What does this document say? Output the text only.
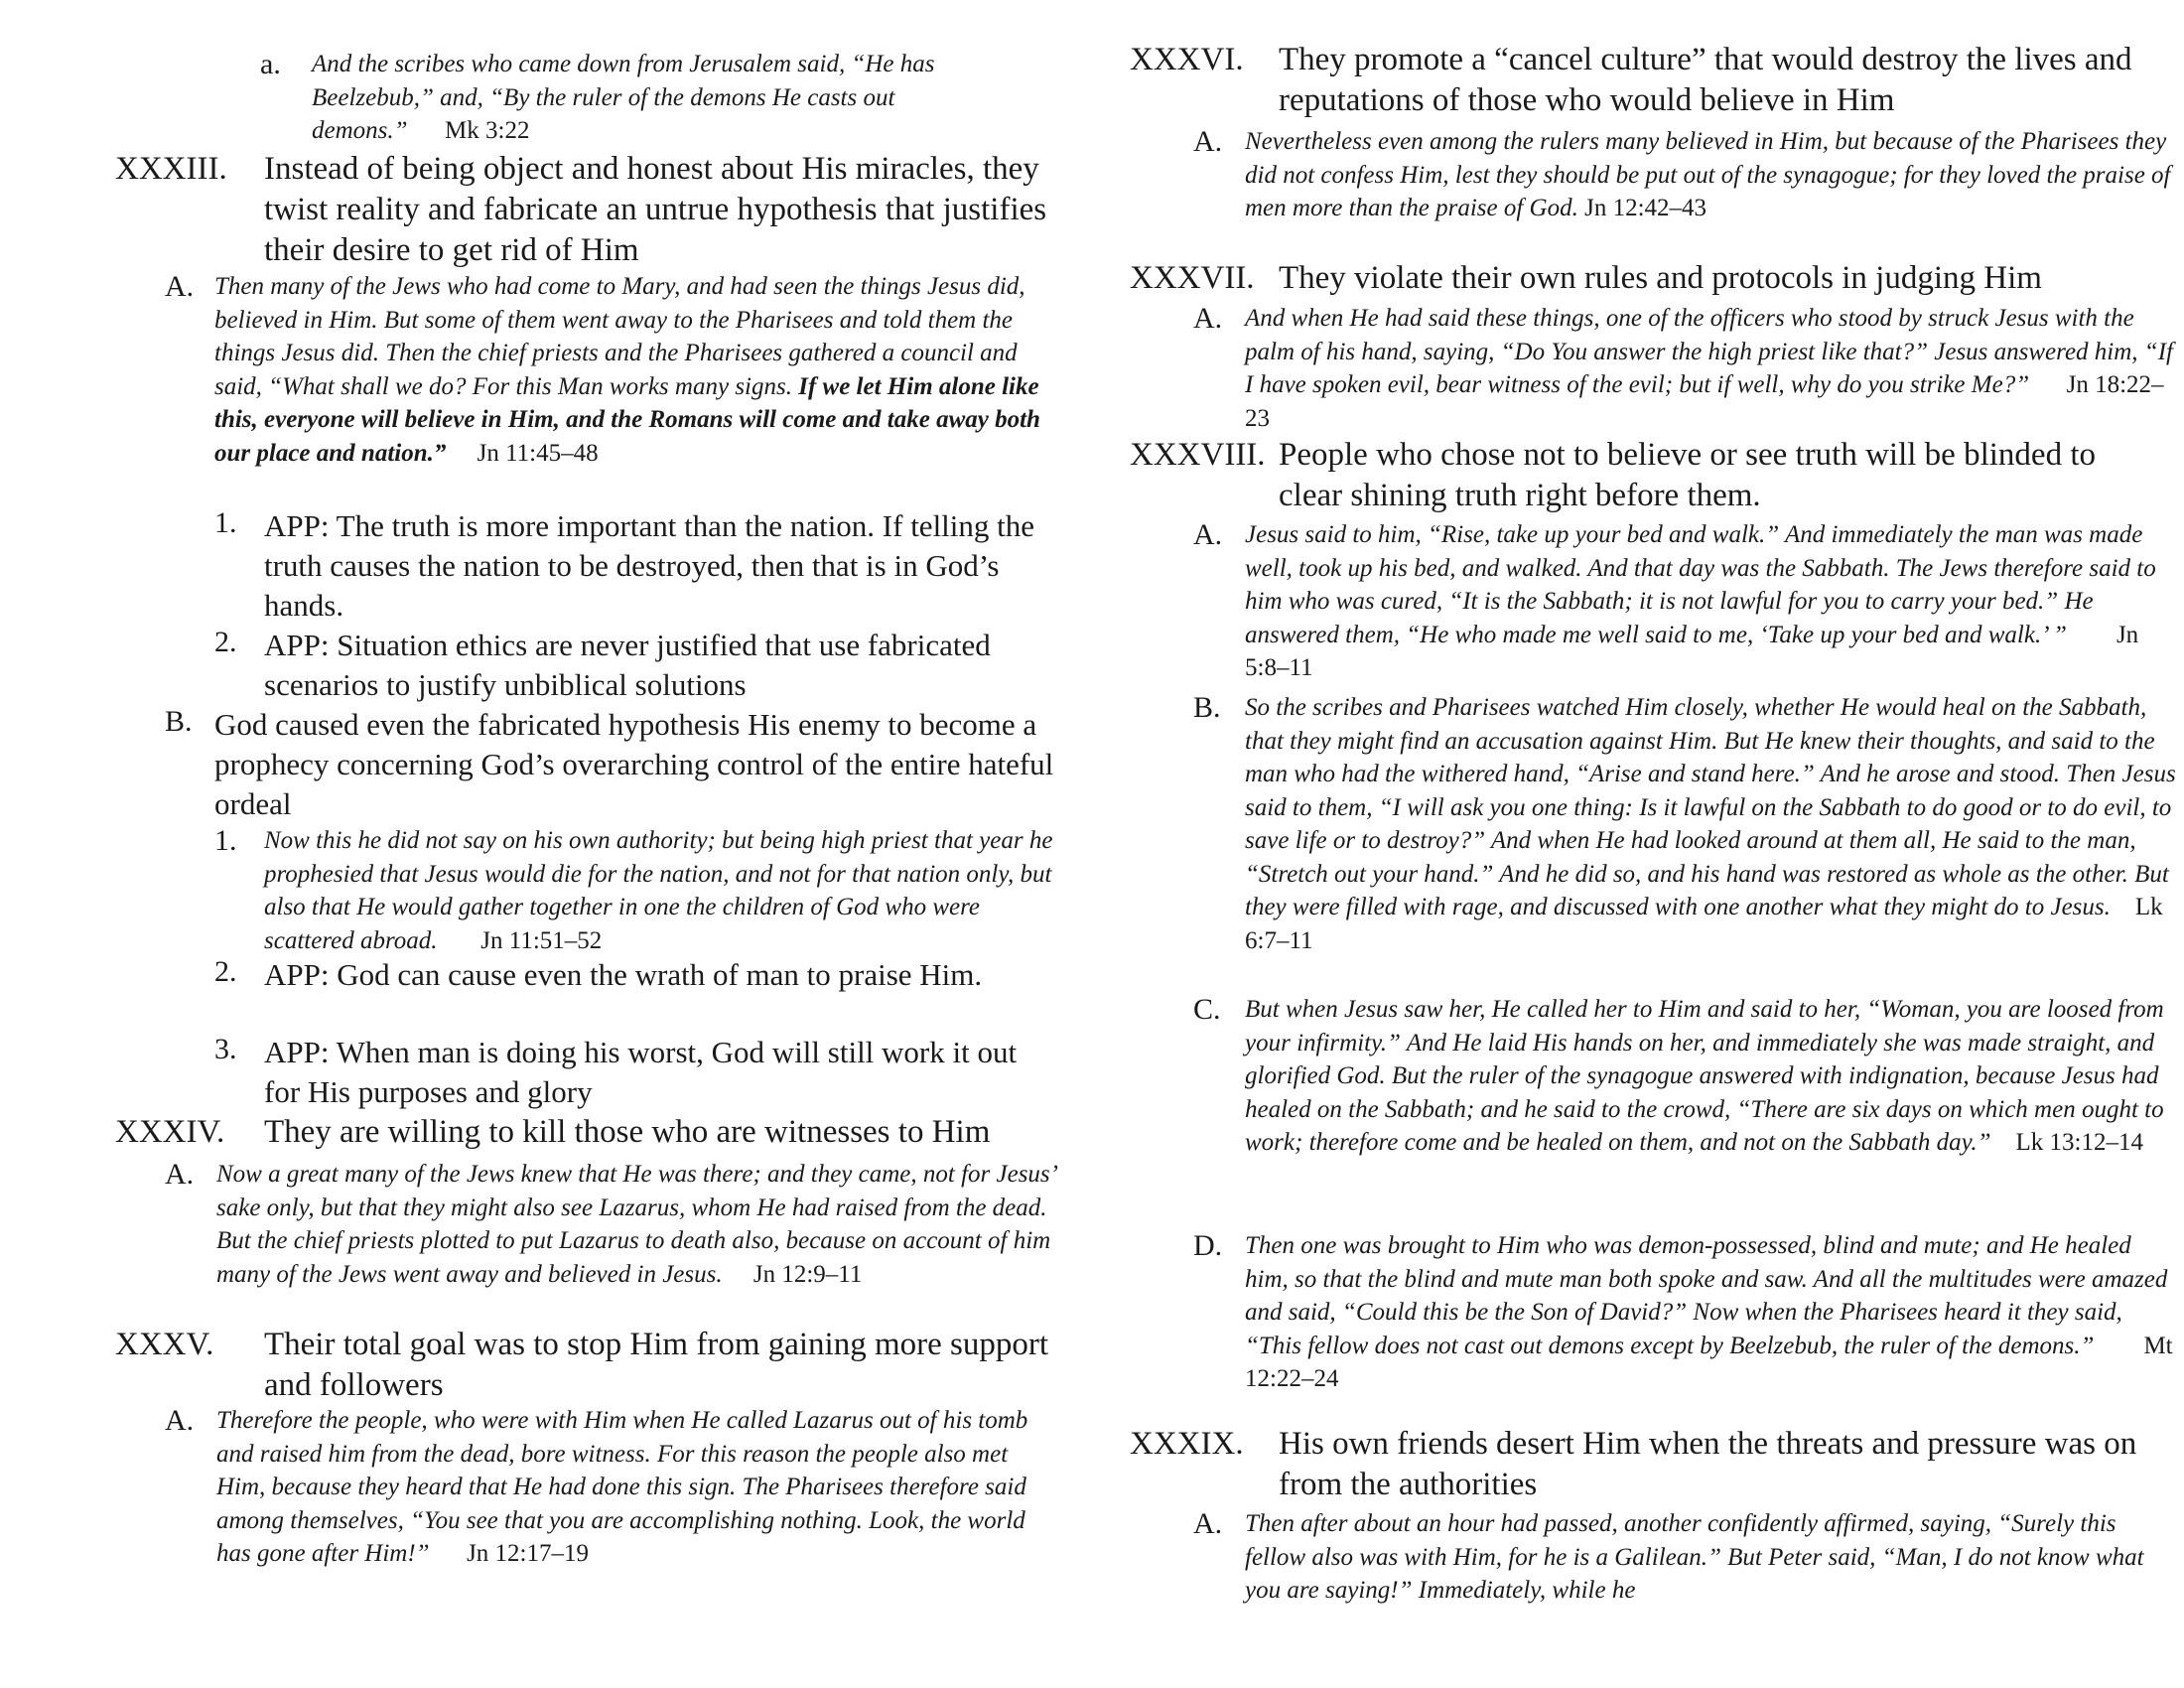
a.	And the scribes who came down from Jerusalem said, “He has Beelzebub,” and, “By the ruler of the demons He casts out demons.” Mk 3:22
XXXIII.	Instead of being object and honest about His miracles, they twist reality and fabricate an untrue hypothesis that justifies their desire to get rid of Him
A. Then many of the Jews who had come to Mary, and had seen the things Jesus did, believed in Him. But some of them went away to the Pharisees and told them the things Jesus did. Then the chief priests and the Pharisees gathered a council and said, “What shall we do? For this Man works many signs. If we let Him alone like this, everyone will believe in Him, and the Romans will come and take away both our place and nation.” Jn 11:45–48
1. APP: The truth is more important than the nation. If telling the truth causes the nation to be destroyed, then that is in God’s hands.
2. APP: Situation ethics are never justified that use fabricated scenarios to justify unbiblical solutions
B. God caused even the fabricated hypothesis His enemy to become a prophecy concerning God’s overarching control of the entire hateful ordeal
1.	Now this he did not say on his own authority; but being high priest that year he prophesied that Jesus would die for the nation, and not for that nation only, but also that He would gather together in one the children of God who were scattered abroad. Jn 11:51–52
2. APP: God can cause even the wrath of man to praise Him.
3. APP: When man is doing his worst, God will still work it out for His purposes and glory
XXXIV.	They are willing to kill those who are witnesses to Him
A. Now a great many of the Jews knew that He was there; and they came, not for Jesus’ sake only, but that they might also see Lazarus, whom He had raised from the dead. But the chief priests plotted to put Lazarus to death also, because on account of him many of the Jews went away and believed in Jesus. Jn 12:9–11
XXXV.	Their total goal was to stop Him from gaining more support and followers
A. Therefore the people, who were with Him when He called Lazarus out of his tomb and raised him from the dead, bore witness. For this reason the people also met Him, because they heard that He had done this sign. The Pharisees therefore said among themselves, “You see that you are accomplishing nothing. Look, the world has gone after Him!” Jn 12:17–19
XXXVI.	They promote a “cancel culture” that would destroy the lives and reputations of those who would believe in Him
A. Nevertheless even among the rulers many believed in Him, but because of the Pharisees they did not confess Him, lest they should be put out of the synagogue; for they loved the praise of men more than the praise of God. Jn 12:42–43
XXXVII. They violate their own rules and protocols in judging Him
A. And when He had said these things, one of the officers who stood by struck Jesus with the palm of his hand, saying, “Do You answer the high priest like that?” Jesus answered him, “If I have spoken evil, bear witness of the evil; but if well, why do you strike Me?” Jn 18:22–23
XXXVIII. People who chose not to believe or see truth will be blinded to clear shining truth right before them.
A. Jesus said to him, “Rise, take up your bed and walk.” And immediately the man was made well, took up his bed, and walked. And that day was the Sabbath. The Jews therefore said to him who was cured, “It is the Sabbath; it is not lawful for you to carry your bed.” He answered them, “He who made me well said to me, ‘Take up your bed and walk.’ ” Jn 5:8–11
B. So the scribes and Pharisees watched Him closely, whether He would heal on the Sabbath, that they might find an accusation against Him. But He knew their thoughts, and said to the man who had the withered hand, “Arise and stand here.” And he arose and stood. Then Jesus said to them, “I will ask you one thing: Is it lawful on the Sabbath to do good or to do evil, to save life or to destroy?” And when He had looked around at them all, He said to the man, “Stretch out your hand.” And he did so, and his hand was restored as whole as the other. But they were filled with rage, and discussed with one another what they might do to Jesus. Lk 6:7–11
C. But when Jesus saw her, He called her to Him and said to her, “Woman, you are loosed from your infirmity.” And He laid His hands on her, and immediately she was made straight, and glorified God. But the ruler of the synagogue answered with indignation, because Jesus had healed on the Sabbath; and he said to the crowd, “There are six days on which men ought to work; therefore come and be healed on them, and not on the Sabbath day.” Lk 13:12–14
D. Then one was brought to Him who was demon-possessed, blind and mute; and He healed him, so that the blind and mute man both spoke and saw. And all the multitudes were amazed and said, “Could this be the Son of David?” Now when the Pharisees heard it they said, “This fellow does not cast out demons except by Beelzebub, the ruler of the demons.” Mt 12:22–24
XXXIX.	His own friends desert Him when the threats and pressure was on from the authorities
A. Then after about an hour had passed, another confidently affirmed, saying, “Surely this fellow also was with Him, for he is a Galilean.” But Peter said, “Man, I do not know what you are saying!” Immediately, while he
